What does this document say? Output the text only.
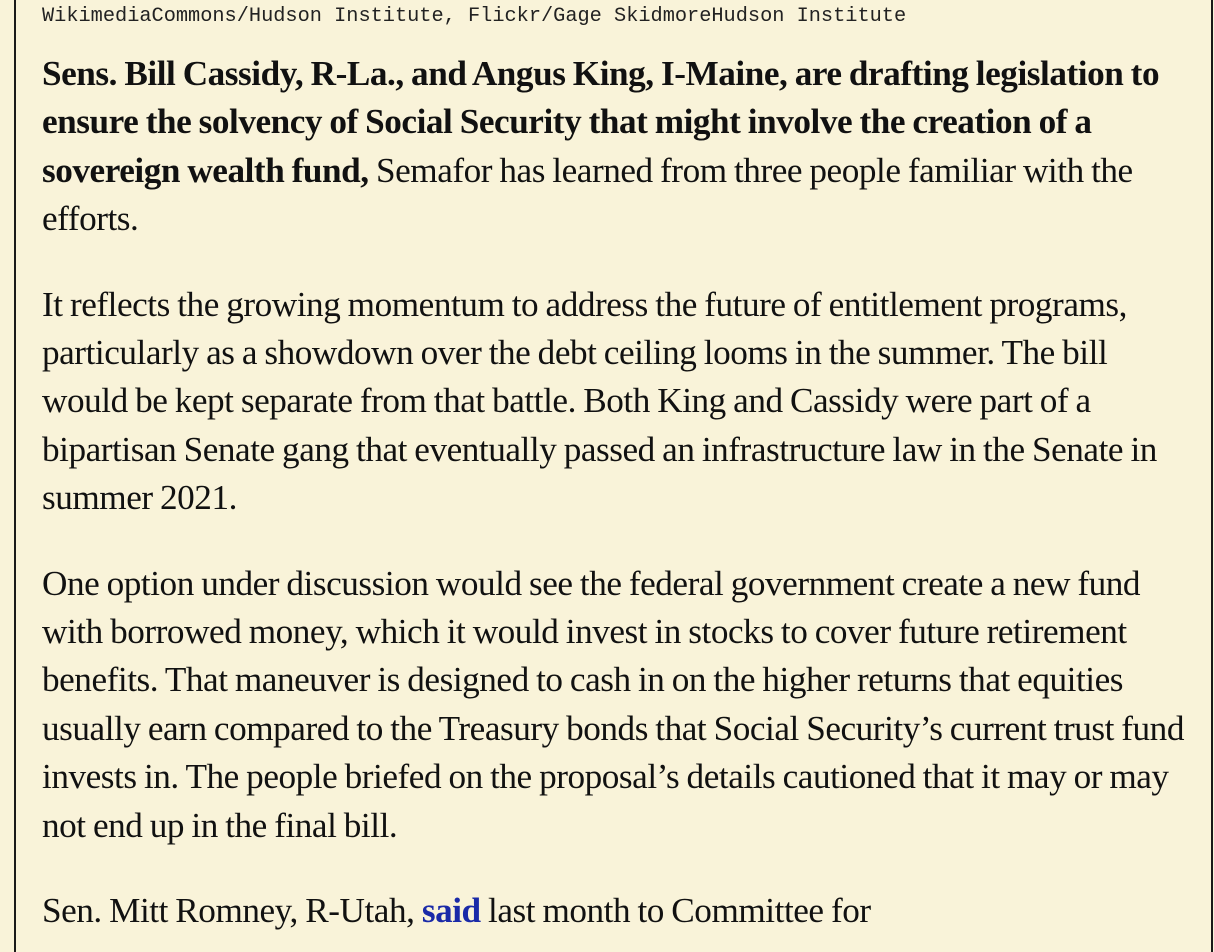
WikimediaCommons/Hudson Institute, Flickr/Gage SkidmoreHudson Institute

Sens. Bill Cassidy, R-La., and Angus King, I-Maine, are drafting legislation to ensure the solvency of Social Security that might involve the creation of a sovereign wealth fund, Semafor has learned from three people familiar with the efforts.

It reflects the growing momentum to address the future of entitlement programs, particularly as a showdown over the debt ceiling looms in the summer. The bill would be kept separate from that battle. Both King and Cassidy were part of a bipartisan Senate gang that eventually passed an infrastructure law in the Senate in summer 2021.

One option under discussion would see the federal government create a new fund with borrowed money, which it would invest in stocks to cover future retirement benefits. That maneuver is designed to cash in on the higher returns that equities usually earn compared to the Treasury bonds that Social Security’s current trust fund invests in. The people briefed on the proposal’s details cautioned that it may or may not end up in the final bill.

Sen. Mitt Romney, R-Utah, said last month to Committee for
